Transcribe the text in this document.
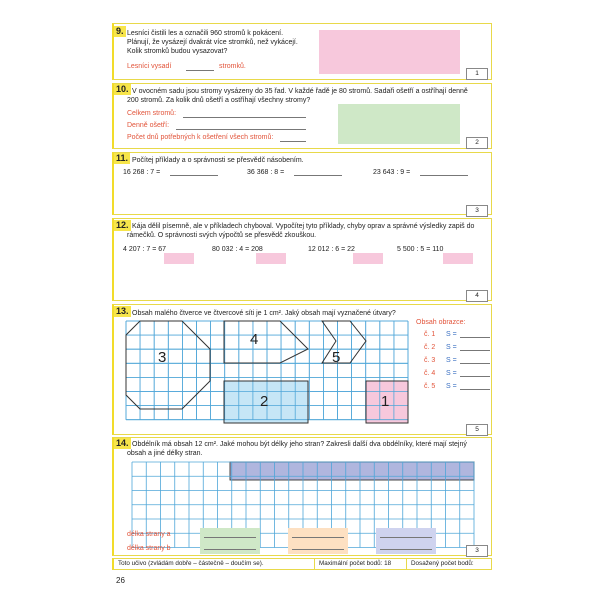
9. Lesníci čistili les a označili 960 stromů k pokácení.
Plánují, že vysázejí dvakrát více stromků, než vykácejí.
Kolik stromků budou vysazovat?
Lesníci vysadí	stromků.
1
10. V ovocném sadu jsou stromy vysázeny do 35 řad. V každé řadě je 80 stromů. Sadaři ošetří a ostříhají denně
200 stromů. Za kolik dnů ošetří a ostříhají všechny stromy?
Celkem stromů:
Denně ošetří:
Počet dnů potřebných k ošetření všech stromů:
2
11. Počítej příklady a o správnosti se přesvědč násobením.
16 268 : 7 =	36 368 : 8 =	23 643 : 9 =
3
12. Kája dělil písemně, ale v příkladech chyboval. Vypočítej tyto příklady, chyby oprav a správné výsledky zapiš do
rámečků. O správnosti svých výpočtů se přesvědč zkouškou.
4 207 : 7 = 67	80 032 : 4 = 208	12 012 : 6 = 22	5 500 : 5 = 110
4
13. Obsah malého čtverce ve čtvercové síti je 1 cm². Jaký obsah mají vyznačené útvary?
3
4
2
5
1
Obsah obrazce:
č. 1 S =
č. 2 S =
č. 3 S =
č. 4 S =
č. 5 S =
5
14. Obdélník má obsah 12 cm². Jaké mohou být délky jeho stran? Zakresli další dva obdélníky, které mají stejný
obsah a jiné délky stran.
délka strany a
délka strany b	3
Toto učivo (zvládám dobře – částečně – doučím se).	Maximální počet bodů: 18	Dosažený počet bodů:
26
